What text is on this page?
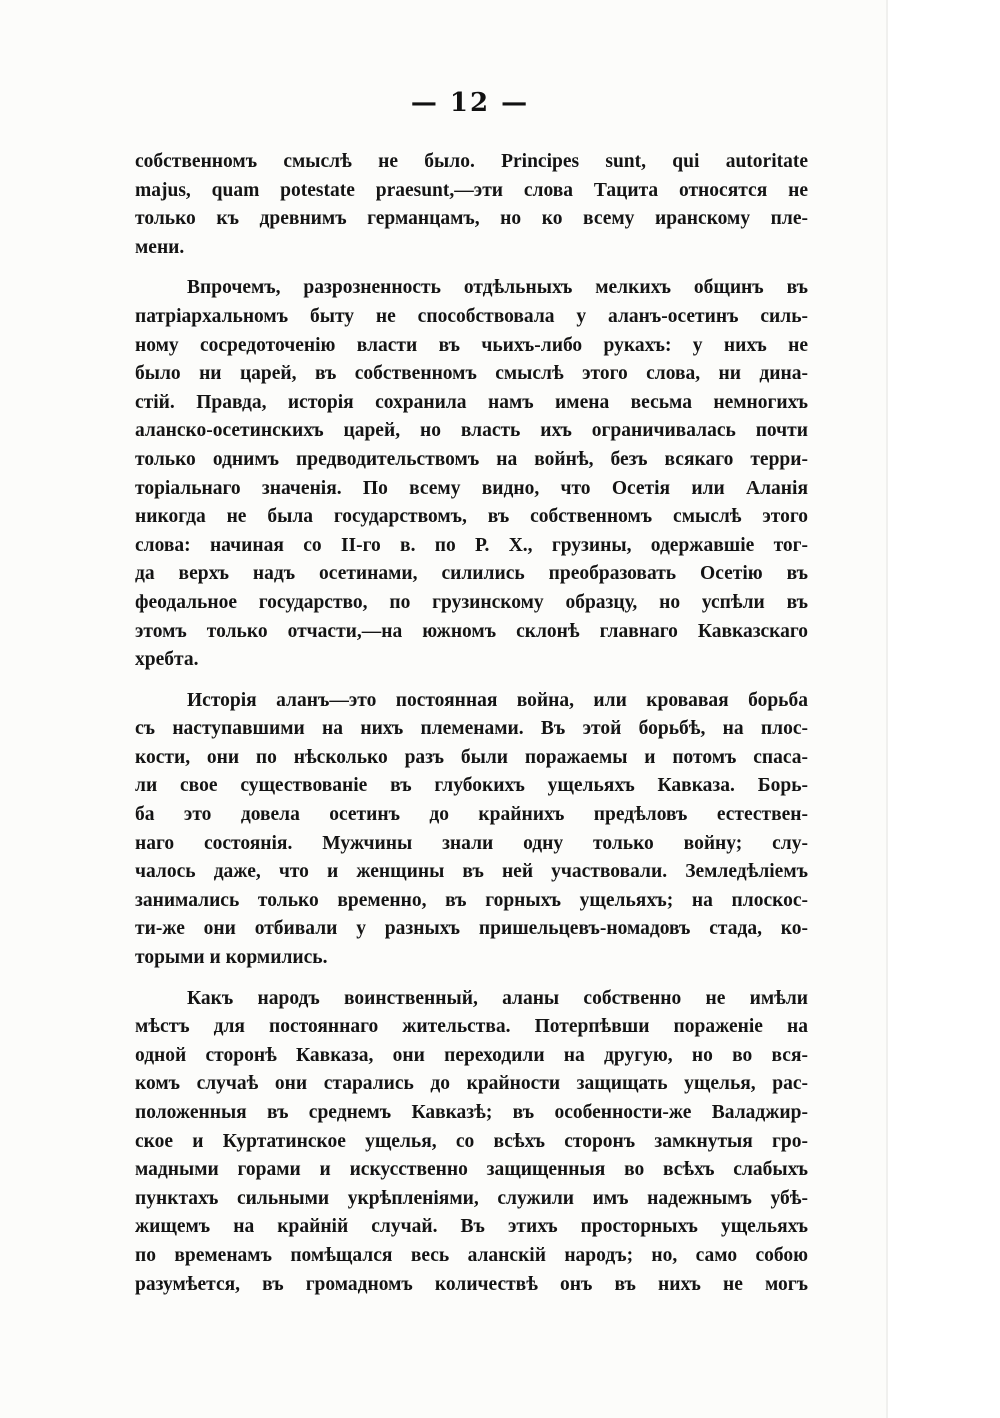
— 12 —
собственномъ смыслѣ не было. Principes sunt, qui autoritate
majus, quam potestate praesunt,—эти слова Тацита относятся не
только къ древнимъ германцамъ, но ко всему иранскому пле-
мени.
Впрочемъ, разрозненность отдѣльныхъ мелкихъ общинъ въ
патріархальномъ быту не способствовала у аланъ-осетинъ силь-
ному сосредоточенію власти въ чьихъ-либо рукахъ: у нихъ не
было ни царей, въ собственномъ смыслѣ этого слова, ни дина-
стій. Правда, исторія сохранила намъ имена весьма немногихъ
аланско-осетинскихъ царей, но власть ихъ ограничивалась почти
только однимъ предводительствомъ на войнѣ, безъ всякаго терри-
торіальнаго значенія. По всему видно, что Осетія или Аланія
никогда не была государствомъ, въ собственномъ смыслѣ этого
слова: начиная со II-го в. по Р. Х., грузины, одержавшіе тог-
да верхъ надъ осетинами, силились преобразовать Осетію въ
феодальное государство, по грузинскому образцу, но успѣли въ
этомъ только отчасти,—на южномъ склонѣ главнаго Кавказскаго
хребта.
Исторія аланъ—это постоянная война, или кровавая борьба
съ наступавшими на нихъ племенами. Въ этой борьбѣ, на плос-
кости, они по нѣсколько разъ были поражаемы и потомъ спаса-
ли свое существованіе въ глубокихъ ущельяхъ Кавказа. Борь-
ба это довела осетинъ до крайнихъ предѣловъ естествен-
наго состоянія. Мужчины знали одну только войну; слу-
чалось даже, что и женщины въ ней участвовали. Земледѣліемъ
занимались только временно, въ горныхъ ущельяхъ; на плоскос-
ти-же они отбивали у разныхъ пришельцевъ-номадовъ стада, ко-
торыми и кормились.
Какъ народъ воинственный, аланы собственно не имѣли
мѣстъ для постояннаго жительства. Потерпѣвши пораженіе на
одной сторонѣ Кавказа, они переходили на другую, но во вся-
комъ случаѣ они старались до крайности защищать ущелья, рас-
положенныя въ среднемъ Кавказѣ; въ особенности-же Валаджир-
ское и Куртатинское ущелья, со всѣхъ сторонъ замкнутыя гро-
мадными горами и искусственно защищенныя во всѣхъ слабыхъ
пунктахъ сильными укрѣпленіями, служили имъ надежнымъ убѣ-
жищемъ на крайній случай. Въ этихъ просторныхъ ущельяхъ
по временамъ помѣщался весь аланскій народъ; но, само собою
разумѣется, въ громадномъ количествѣ онъ въ нихъ не могъ
